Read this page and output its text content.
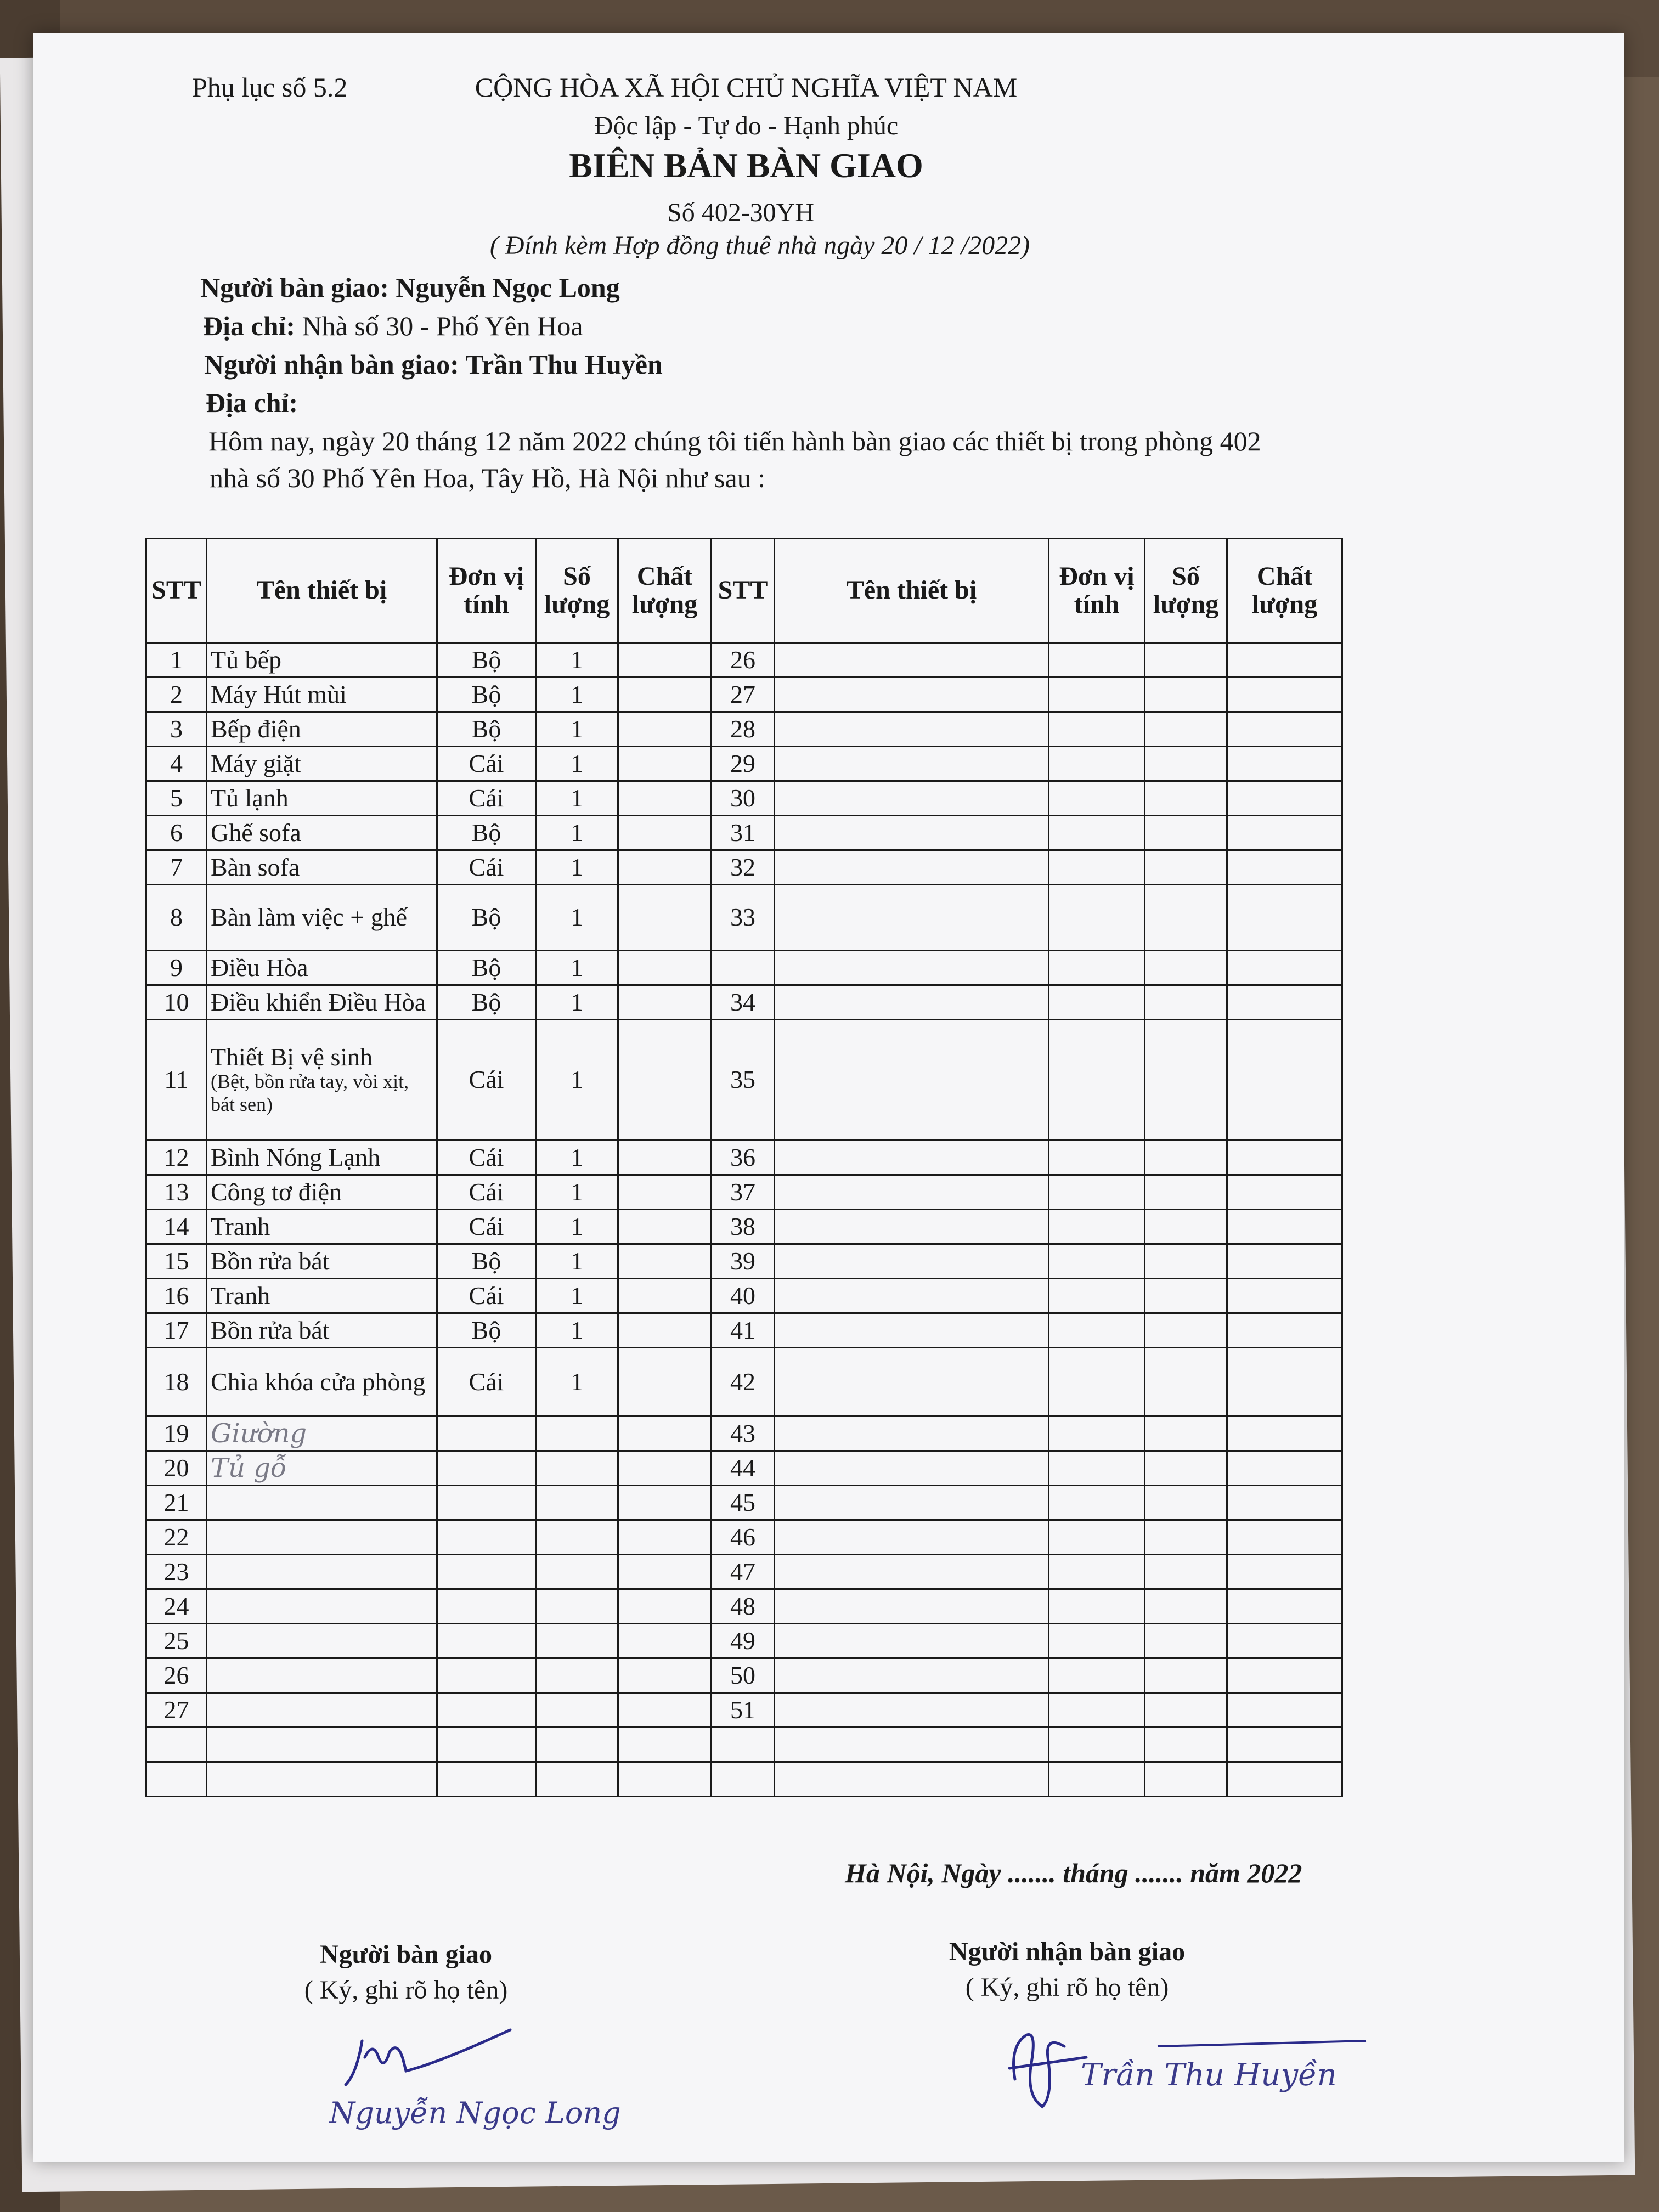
Phụ lục số 5.2	CỘNG HÒA XÃ HỘI CHỦ NGHĨA VIỆT NAM
Độc lập - Tự do - Hạnh phúc
BIÊN BẢN BÀN GIAO
Số 402-30YH
( Đính kèm Hợp đồng thuê nhà ngày 20 / 12 /2022)
Người bàn giao: Nguyễn Ngọc Long
Địa chỉ: Nhà số 30 - Phố Yên Hoa
Người nhận bàn giao: Trần Thu Huyền
Địa chỉ:
Hôm nay, ngày 20 tháng 12 năm 2022 chúng tôi tiến hành bàn giao các thiết bị trong phòng 402
nhà số 30 Phố Yên Hoa, Tây Hồ, Hà Nội như sau :
STT	Tên thiết bị	Đơn vị tính	Số lượng	Chất lượng	STT	Tên thiết bị	Đơn vị tính	Số lượng	Chất lượng
1	Tủ bếp	Bộ	1		26				
2	Máy Hút mùi	Bộ	1		27				
3	Bếp điện	Bộ	1		28				
4	Máy giặt	Cái	1		29				
5	Tủ lạnh	Cái	1		30				
6	Ghế sofa	Bộ	1		31				
7	Bàn sofa	Cái	1		32				
8	Bàn làm việc + ghế	Bộ	1		33				
9	Điều Hòa	Bộ	1						
10	Điều khiển Điều Hòa	Bộ	1		34				
11	Thiết Bị vệ sinh
(Bệt, bồn rửa tay, vòi xịt, bát sen)	Cái	1		35				
12	Bình Nóng Lạnh	Cái	1		36				
13	Công tơ điện	Cái	1		37				
14	Tranh	Cái	1		38				
15	Bồn rửa bát	Bộ	1		39				
16	Tranh	Cái	1		40				
17	Bồn rửa bát	Bộ	1		41				
18	Chìa khóa cửa phòng	Cái	1		42				
19	Giường				43				
20	Tủ gỗ				44				
21					45				
22					46				
23					47				
24					48				
25					49				
26					50				
27					51				

Hà Nội, Ngày ....... tháng ....... năm 2022
Người bàn giao
( Ký, ghi rõ họ tên)
Người nhận bàn giao
( Ký, ghi rõ họ tên)
Nguyễn Ngọc Long
Trần Thu Huyền
